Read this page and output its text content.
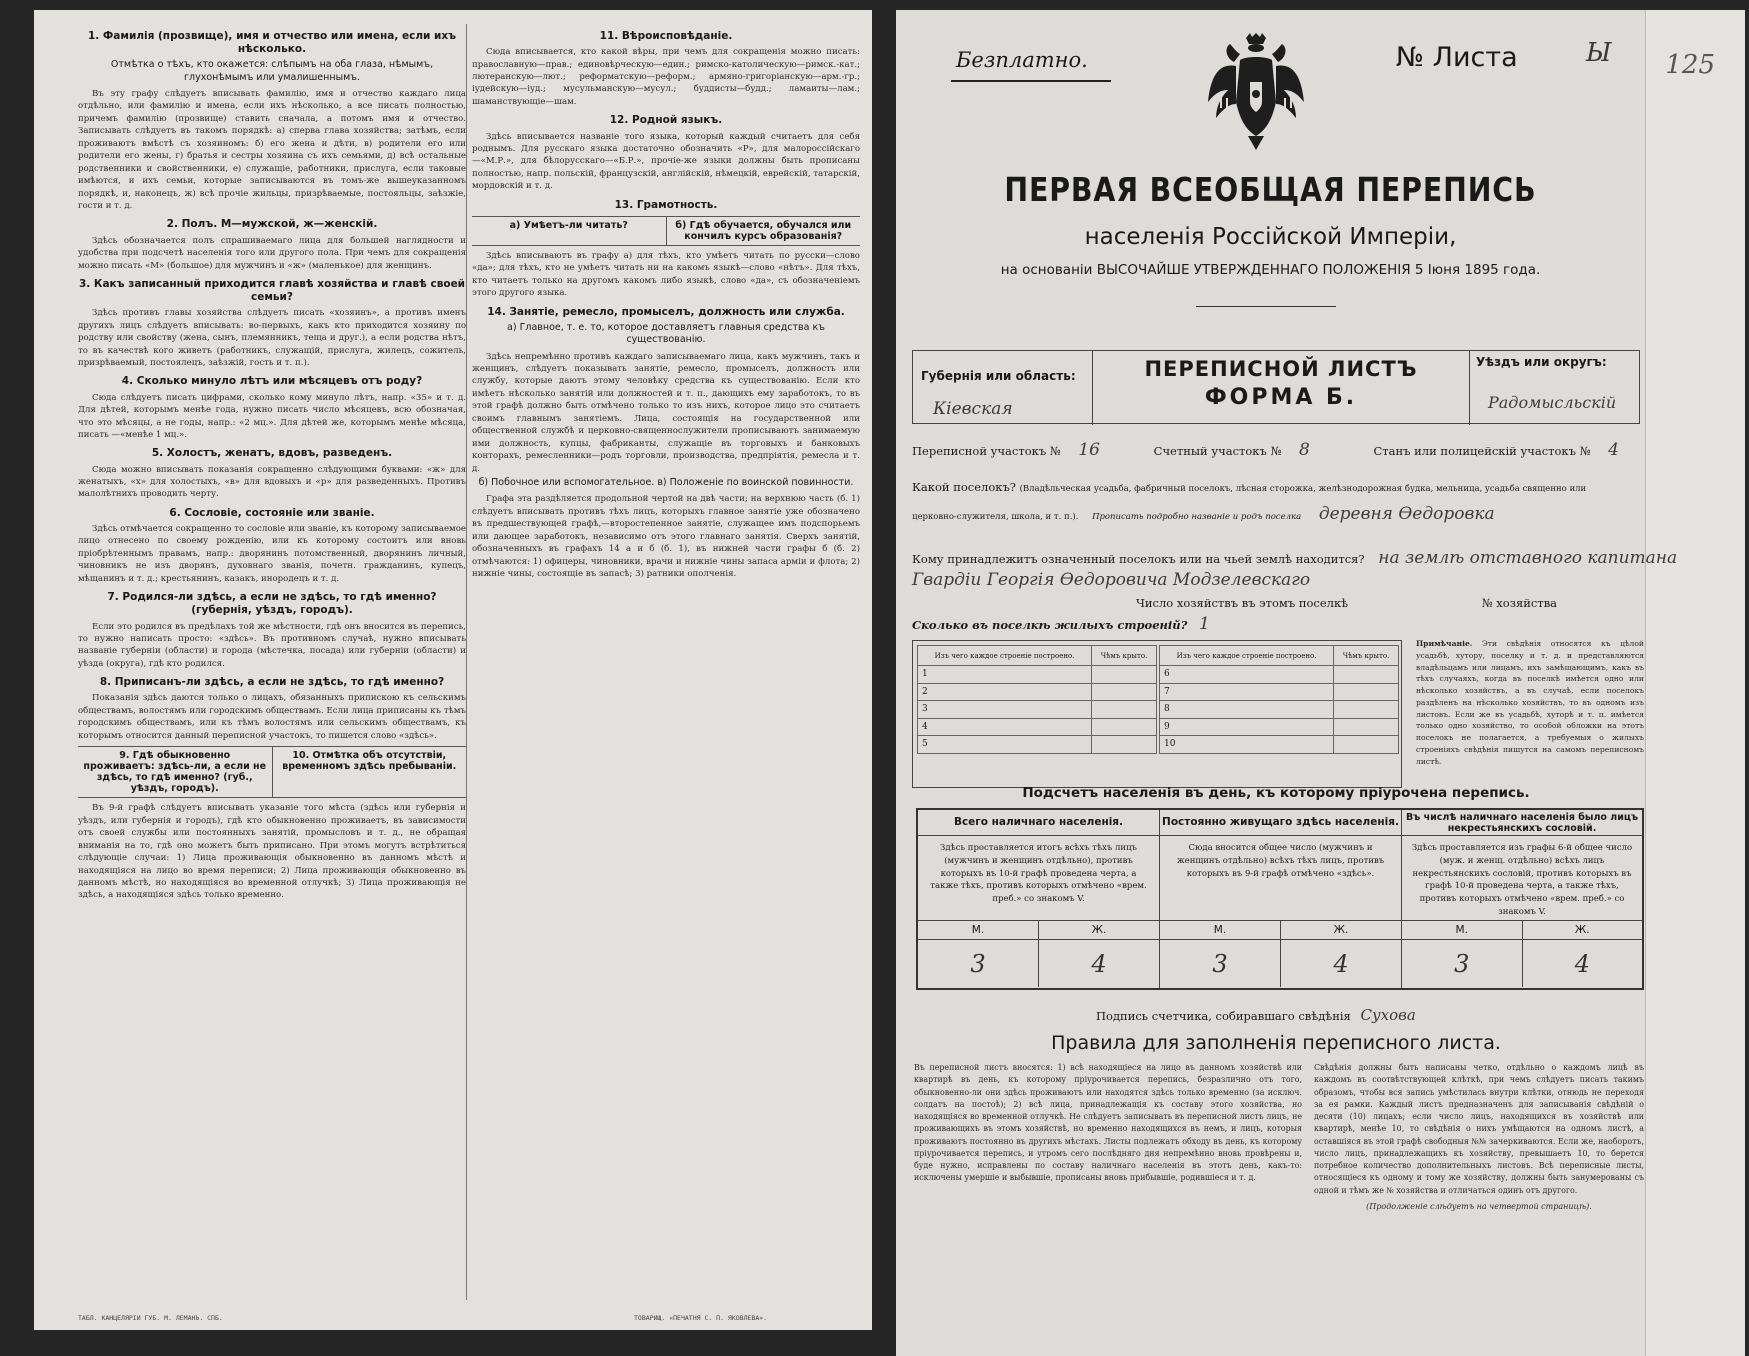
1. Фамилія (прозвище), имя и отчество или имена, если ихъ нѣсколько.
Отмѣтка о тѣхъ, кто окажется: слѣпымъ на оба глаза, нѣмымъ, глухонѣмымъ или умалишеннымъ.
Въ эту графу слѣдуетъ вписывать фамилію, имя и отчество каждаго лица отдѣльно, или фамилію и имена, если ихъ нѣсколько, а все писать полностью, причемъ фамилію (прозвище) ставить сначала, а потомъ имя и отчество. Записывать слѣдуетъ въ такомъ порядкѣ: а) сперва глава хозяйства; затѣмъ, если проживаютъ вмѣстѣ съ хозяиномъ: б) его жена и дѣти, в) родители его или родители его жены, г) братья и сестры хозяина съ ихъ семьями, д) всѣ остальные родственники и свойственники, е) служащіе, работники, прислуга, если таковые имѣются, и ихъ семьи, которые записываются въ томъ-же вышеуказанномъ порядкѣ, и, наконецъ, ж) всѣ прочіе жильцы, призрѣваемые, постояльцы, заѣзжіе, гости и т. д.
2. Полъ. М—мужской, ж—женскій.
Здѣсь обозначается полъ спрашиваемаго лица для большей наглядности и удобства при подсчетѣ населенія того или другого пола. При чемъ для сокращенія можно писать «М» (большое) для мужчинъ и «ж» (маленькое) для женщинъ.
3. Какъ записанный приходится главѣ хозяйства и главѣ своей семьи?
Здѣсь противъ главы хозяйства слѣдуетъ писать «хозяинъ», а противъ именъ другихъ лицъ слѣдуетъ вписывать: во-первыхъ, какъ кто приходится хозяину по родству или свойству (жена, сынъ, племянникъ, теща и друг.), а если родства нѣтъ, то въ качествѣ кого живетъ (работникъ, служащій, прислуга, жилецъ, сожитель, призрѣваемый, постоялецъ, заѣзжій, гость и т. п.).
4. Сколько минуло лѣтъ или мѣсяцевъ отъ роду?
Сюда слѣдуетъ писать цифрами, сколько кому минуло лѣтъ, напр. «35» и т. д. Для дѣтей, которымъ менѣе года, нужно писать число мѣсяцевъ, всю обозначая, что это мѣсяцы, а не годы, напр.: «2 мц.». Для дѣтей же, которымъ менѣе мѣсяца, писать —«менѣе 1 мц.».
5. Холостъ, женатъ, вдовъ, разведенъ.
Сюда можно вписывать показанія сокращенно слѣдующими буквами: «ж» для женатыхъ, «х» для холостыхъ, «в» для вдовыхъ и «р» для разведенныхъ. Противъ малолѣтнихъ проводить черту.
6. Сословіе, состояніе или званіе.
Здѣсь отмѣчается сокращенно то сословіе или званіе, къ которому записываемое лицо отнесено по своему рожденію, или къ которому состоитъ или вновь пріобрѣтеннымъ правамъ, напр.: дворянинъ потомственный, дворянинъ личный, чиновникъ не изъ дворянъ, духовнаго званія, почетн. гражданинъ, купецъ, мѣщанинъ и т. д.; крестьянинъ, казакъ, инородецъ и т. д.
7. Родился-ли здѣсь, а если не здѣсь, то гдѣ именно? (губернія, уѣздъ, городъ).
Если это родился въ предѣлахъ той же мѣстности, гдѣ онъ вносится въ перепись, то нужно написать просто: «здѣсь». Въ противномъ случаѣ, нужно вписывать названіе губерніи (области) и города (мѣстечка, посада) или губерніи (области) и уѣзда (округа), гдѣ кто родился.
8. Приписанъ-ли здѣсь, а если не здѣсь, то гдѣ именно?
Показанія здѣсь даются только о лицахъ, обязанныхъ припискою къ сельскимъ обществамъ, волостямъ или городскимъ обществамъ. Если лица приписаны къ тѣмъ городскимъ обществамъ, или къ тѣмъ волостямъ или сельскимъ обществамъ, къ которымъ относится данный переписной участокъ, то пишется слово «здѣсь».
9. Гдѣ обыкновенно проживаетъ: здѣсь-ли, а если не здѣсь, то гдѣ именно? (губ., уѣздъ, городъ).
10. Отмѣтка объ отсутствіи, временномъ здѣсь пребываніи.
Въ 9-й графѣ слѣдуетъ вписывать указаніе того мѣста (здѣсь или губернія и уѣздъ, или губернія и городъ), гдѣ кто обыкновенно проживаетъ, въ зависимости отъ своей службы или постоянныхъ занятій, промысловъ и т. д., не обращая вниманія на то, гдѣ оно можетъ быть приписано. При этомъ могутъ встрѣтиться слѣдующіе случаи: 1) Лица проживающія обыкновенно въ данномъ мѣстѣ и находящіяся на лицо во время переписи; 2) Лица проживающія обыкновенно въ данномъ мѣстѣ, но находящіяся во временной отлучкѣ; 3) Лица проживающія не здѣсь, а находящіяся здѣсь только временно.
11. Вѣроисповѣданіе.
Сюда вписывается, кто какой вѣры, при чемъ для сокращенія можно писать: православную—прав.; единовѣрческую—един.; римско-католическую—римск.-кат.; лютеранскую—лют.; реформатскую—реформ.; армяно-григоріанскую—арм.-гр.; іудейскую—іуд.; мусульманскую—мусул.; буддисты—будд.; ламаиты—лам.; шаманствующіе—шам.
12. Родной языкъ.
Здѣсь вписывается названіе того языка, который каждый считаетъ для себя роднымъ. Для русскаго языка достаточно обозначить «Р», для малороссійскаго—«М.Р.», для бѣлорусскаго—«Б.Р.», прочіе-же языки должны быть прописаны полностью, напр. польскій, французскій, англійскій, нѣмецкій, еврейскій, татарскій, мордовскій и т. д.
13. Грамотность.
а) Умѣетъ-ли читать?	б) Гдѣ обучается, обучался или кончилъ курсъ образованія?
Здѣсь вписываютъ въ графу а) для тѣхъ, кто умѣетъ читать по русски—слово «да»; для тѣхъ, кто не умѣетъ читать ни на какомъ языкѣ—слово «нѣтъ». Для тѣхъ, кто читаетъ только на другомъ какомъ либо языкѣ, слово «да», съ обозначеніемъ этого другого языка.
14. Занятіе, ремесло, промыселъ, должность или служба.
а) Главное, т. е. то, которое доставляетъ главныя средства къ существованію.
Здѣсь непремѣнно противъ каждаго записываемаго лица, какъ мужчинъ, такъ и женщинъ, слѣдуетъ показывать занятіе, ремесло, промыселъ, должность или службу, которые даютъ этому человѣку средства къ существованію. Если кто имѣетъ нѣсколько занятій или должностей и т. п., дающихъ ему заработокъ, то въ этой графѣ должно быть отмѣчено только то изъ нихъ, которое лицо это считаетъ своимъ главнымъ занятіемъ. Лица, состоящія на государственной или общественной службѣ и церковно-священнослужители прописываютъ занимаемую ими должность, купцы, фабриканты, служащіе въ торговыхъ и банковыхъ конторахъ, ремесленники—родъ торговли, производства, предпріятія, ремесла и т. д.
б) Побочное или вспомогательное. в) Положеніе по воинской повинности.
Графа эта раздѣляется продольной чертой на двѣ части; на верхнюю часть (б. 1) слѣдуетъ вписывать противъ тѣхъ лицъ, которыхъ главное занятіе уже обозначено въ предшествующей графѣ,—второстепенное занятіе, служащее имъ подспорьемъ или дающее заработокъ, независимо отъ этого главнаго занятія. Сверхъ занятій, обозначенныхъ въ графахъ 14 а и б (б. 1), въ нижней части графы б (б. 2) отмѣчаются: 1) офицеры, чиновники, врачи и нижніе чины запаса арміи и флота; 2) нижніе чины, состоящіе въ запасѣ; 3) ратники ополченія.
ТАБЛ. КАНЦЕЛЯРІИ ГУБ. М. ЛЕМАНЪ. СПБ.	ТОВАРИЩ. «ПЕЧАТНЯ С. П. ЯКОВЛЕВА».
125
Безплатно.	№ Листа	Ы
ПЕРВАЯ ВСЕОБЩАЯ ПЕРЕПИСЬ
населенія Россійской Имперіи,
на основаніи ВЫСОЧАЙШЕ УТВЕРЖДЕННАГО ПОЛОЖЕНІЯ 5 Іюня 1895 года.
Губернія или область:
Кіевская
ПЕРЕПИСНОЙ ЛИСТЪ
ФОРМА Б.
Уѣздъ или округъ:
Радомысльскій
Переписной участокъ № 16	Счетный участокъ № 8	Станъ или полицейскій участокъ № 4
Какой поселокъ? (Владѣльческая усадьба, фабричный поселокъ, лѣсная сторожка, желѣзнодорожная будка, мельница, усадьба священно или
церковно-служителя, школа, и т. п.). Прописать подробно названіе и родъ поселка деревня Өедоровка
Кому принадлежитъ означенный поселокъ или на чьей землѣ находится? на землѣ отставного капитана
Гвардіи Георгія Өедоровича Модзелевскаго
Число хозяйствъ въ этомъ поселкѣ	№ хозяйства
Сколько въ поселкѣ жилыхъ строеній? 1
Изъ чего каждое строеніе построено.	Чѣмъ крыто.
1	
2	
3	
4	
5	
Изъ чего каждое строеніе построено.	Чѣмъ крыто.
6	
7	
8	
9	
10	
Примѣчаніе. Эти свѣдѣнія относятся къ цѣлой усадьбѣ, хутору, поселку и т. д. и представляются владѣльцамъ или лицамъ, ихъ замѣщающимъ, какъ въ тѣхъ случаяхъ, когда въ поселкѣ имѣется одно или нѣсколько хозяйствъ, а въ случаѣ, если поселокъ раздѣленъ на нѣсколько хозяйствъ, то въ одномъ изъ листовъ. Если же въ усадьбѣ, хуторѣ и т. п. имѣется только одно хозяйство, то особой обложки на этотъ поселокъ не полагается, а требуемыя о жилыхъ строеніяхъ свѣдѣнія пишутся на самомъ переписномъ листѣ.
Подсчетъ населенія въ день, къ которому пріурочена перепись.
Всего наличнаго населенія.
Здѣсь проставляется итогъ всѣхъ тѣхъ лицъ (мужчинъ и женщинъ отдѣльно), противъ которыхъ въ 10-й графѣ проведена черта, а также тѣхъ, противъ которыхъ отмѣчено «врем. преб.» со знакомъ V.
М.	Ж.
3	4
Постоянно живущаго здѣсь населенія.
Сюда вносится общее число (мужчинъ и женщинъ отдѣльно) всѣхъ тѣхъ лицъ, противъ которыхъ въ 9-й графѣ отмѣчено «здѣсь».
М.	Ж.
3	4
Въ числѣ наличнаго населенія было лицъ некрестьянскихъ сословій.
Здѣсь проставляется изъ графы 6-й общее число (муж. и женщ. отдѣльно) всѣхъ лицъ некрестьянскихъ сословій, противъ которыхъ въ графѣ 10-й проведена черта, а также тѣхъ, противъ которыхъ отмѣчено «врем. преб.» со знакомъ V.
М.	Ж.
3	4
Подпись счетчика, собиравшаго свѣдѣнія Сухова
Правила для заполненія переписного листа.
Въ переписной листъ вносятся: 1) всѣ находящіеся на лицо въ данномъ хозяйствѣ или квартирѣ въ день, къ которому пріурочивается перепись, безразлично отъ того, обыкновенно-ли они здѣсь проживаютъ или находятся здѣсь только временно (за исключ. солдатъ на постоѣ); 2) всѣ лица, принадлежащія къ составу этого хозяйства, но находящіяся во временной отлучкѣ. Не слѣдуетъ записывать въ переписной листъ лицъ, не проживающихъ въ этомъ хозяйствѣ, но временно находящихся въ немъ, и лицъ, которыя проживаютъ постоянно въ другихъ мѣстахъ. Листы подлежатъ обходу въ день, къ которому пріурочивается перепись, и утромъ сего послѣдняго дня непремѣнно вновь провѣрены и, буде нужно, исправлены по составу наличнаго населенія въ этотъ день, какъ-то: исключены умершіе и выбывшіе, прописаны вновь прибывшіе, родившіеся и т. д.
Свѣдѣнія должны быть написаны четко, отдѣльно о каждомъ лицѣ въ каждомъ въ соотвѣтствующей клѣткѣ, при чемъ слѣдуетъ писать такимъ образомъ, чтобы вся запись умѣстилась внутри клѣтки, отнюдь не переходя за ея рамки. Каждый листъ предназначенъ для записыванія свѣдѣній о десяти (10) лицахъ; если число лицъ, находящихся въ хозяйствѣ или квартирѣ, менѣе 10, то свѣдѣнія о нихъ умѣщаются на одномъ листѣ, а оставшіяся въ этой графѣ свободныя №№ зачеркиваются. Если же, наоборотъ, число лицъ, принадлежащихъ къ хозяйству, превышаетъ 10, то берется потребное количество дополнительныхъ листовъ. Всѣ переписные листы, относящіеся къ одному и тому же хозяйству, должны быть занумерованы съ одной и тѣмъ же № хозяйства и отличаться одинъ отъ другого.
(Продолженіе слѣдуетъ на четвертой страницѣ).
